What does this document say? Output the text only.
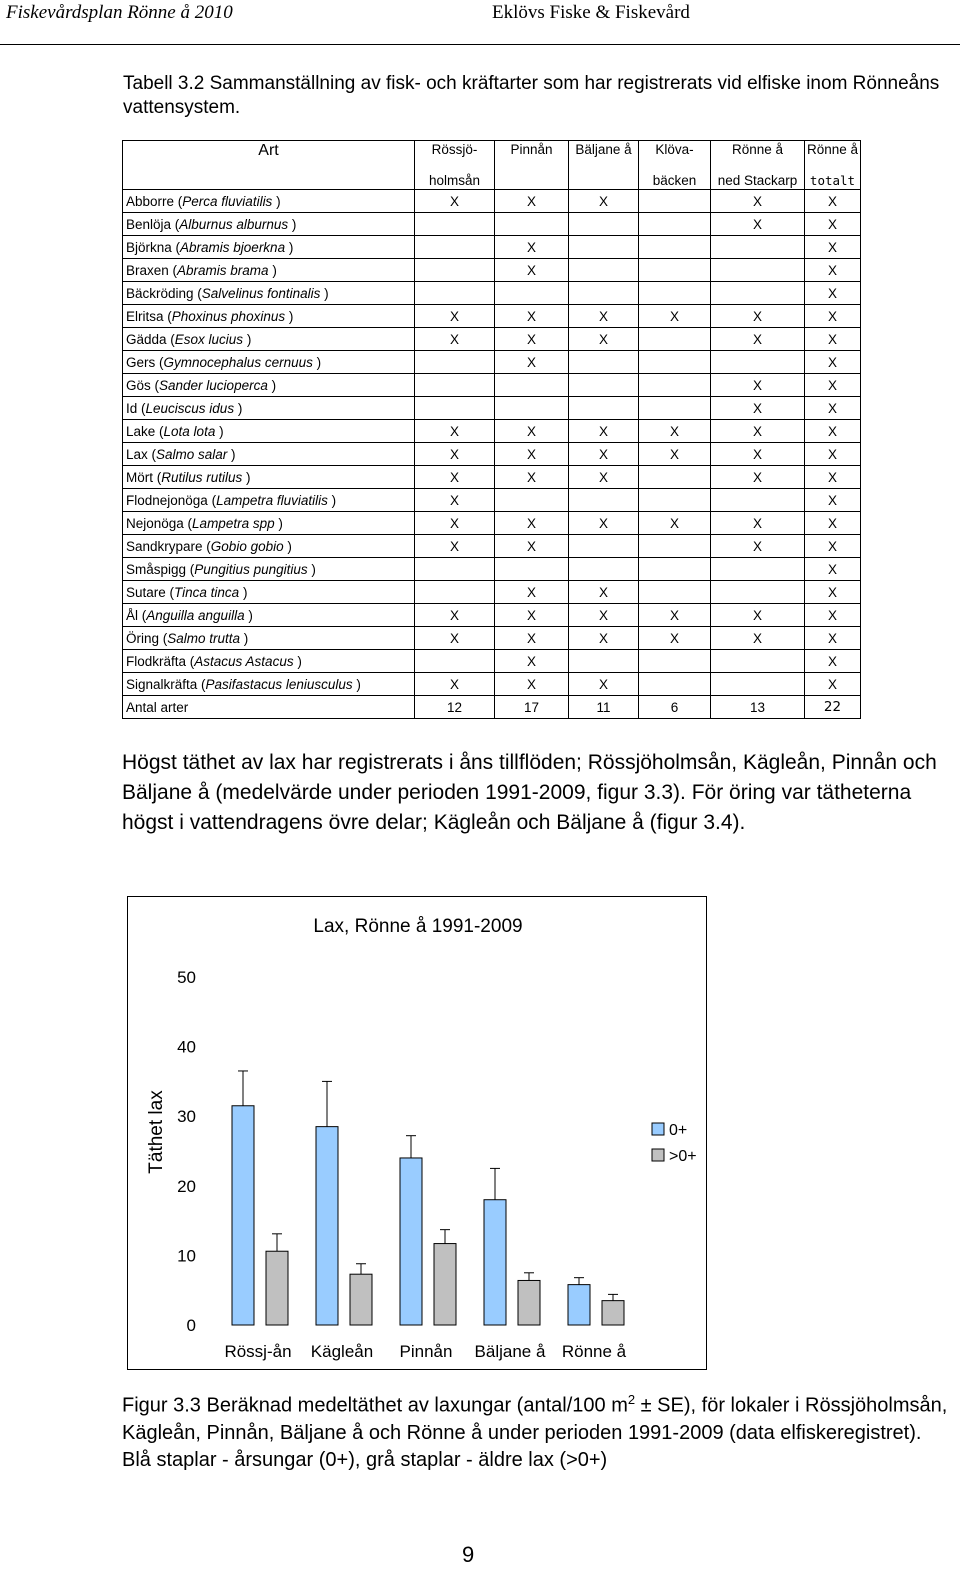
Fiskevårdsplan Rönne å 2010	Eklövs Fiske & Fiskevård
Tabell 3.2 Sammanställning av fisk- och kräftarter som har registrerats vid elfiske inom Rönneåns vattensystem.
Art	Rössjö-	Pinnån	Bäljane å	Klöva-	Rönne å	Rönne å
	holmsån			bäcken	ned Stackarp	totalt
Abborre (Perca fluviatilis )	X	X	X		X	X
Benlöja (Alburnus alburnus )					X	X
Björkna (Abramis bjoerkna )		X				X
Braxen (Abramis brama )		X				X
Bäckröding (Salvelinus fontinalis )						X
Elritsa (Phoxinus phoxinus )	X	X	X	X	X	X
Gädda (Esox lucius )	X	X	X		X	X
Gers (Gymnocephalus cernuus )		X				X
Gös (Sander lucioperca )					X	X
Id (Leuciscus idus )					X	X
Lake (Lota lota )	X	X	X	X	X	X
Lax (Salmo salar )	X	X	X	X	X	X
Mört (Rutilus rutilus )	X	X	X		X	X
Flodnejonöga (Lampetra fluviatilis )	X					X
Nejonöga (Lampetra spp )	X	X	X	X	X	X
Sandkrypare (Gobio gobio )	X	X			X	X
Småspigg (Pungitius pungitius )						X
Sutare (Tinca tinca )		X	X			X
Ål (Anguilla anguilla )	X	X	X	X	X	X
Öring (Salmo trutta )	X	X	X	X	X	X
Flodkräfta (Astacus Astacus )		X				X
Signalkräfta (Pasifastacus leniusculus )	X	X	X			X
Antal arter	12	17	11	6	13	22
Högst täthet av lax har registrerats i åns tillflöden; Rössjöholmsån, Kägleån, Pinnån och Bäljane å (medelvärde under perioden 1991-2009, figur 3.3). För öring var tätheterna högst i vattendragens övre delar; Kägleån och Bäljane å (figur 3.4).
Lax, Rönne å 1991-2009
Täthet lax
0
10
20
30
40
50
Rössj-ån Kägleån Pinnån Bäljane å Rönne å
0+
>0+
Figur 3.3 Beräknad medeltäthet av laxungar (antal/100 $m^2 \pm SE$), för lokaler i Rössjöholmsån, Kägleån, Pinnån, Bäljane å och Rönne å under perioden 1991-2009 (data elfiskeregistret). Blå staplar - årsungar (0+), grå staplar - äldre lax (>0+)
9
